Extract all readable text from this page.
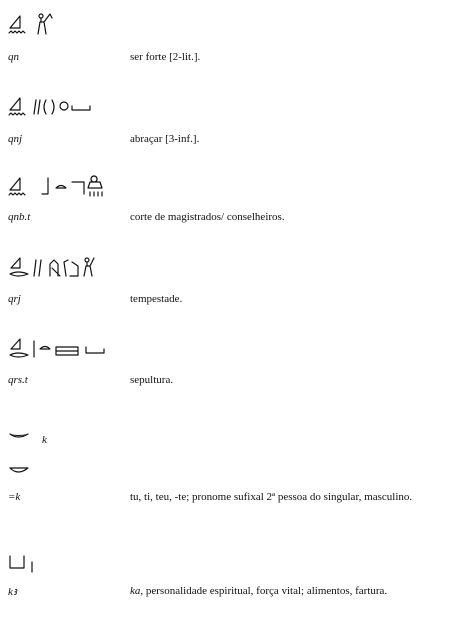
qn	ser forte [2-lit.].
qnj	abraçar [3-inf.].
qnb.t	corte de magistrados/ conselheiros.
qrj	tempestade.
qrs.t	sepultura.
k
=k	tu, ti, teu, -te; pronome sufixal 2ª pessoa do singular, masculino.
kꜣ	ka, personalidade espiritual, força vital; alimentos, fartura.
